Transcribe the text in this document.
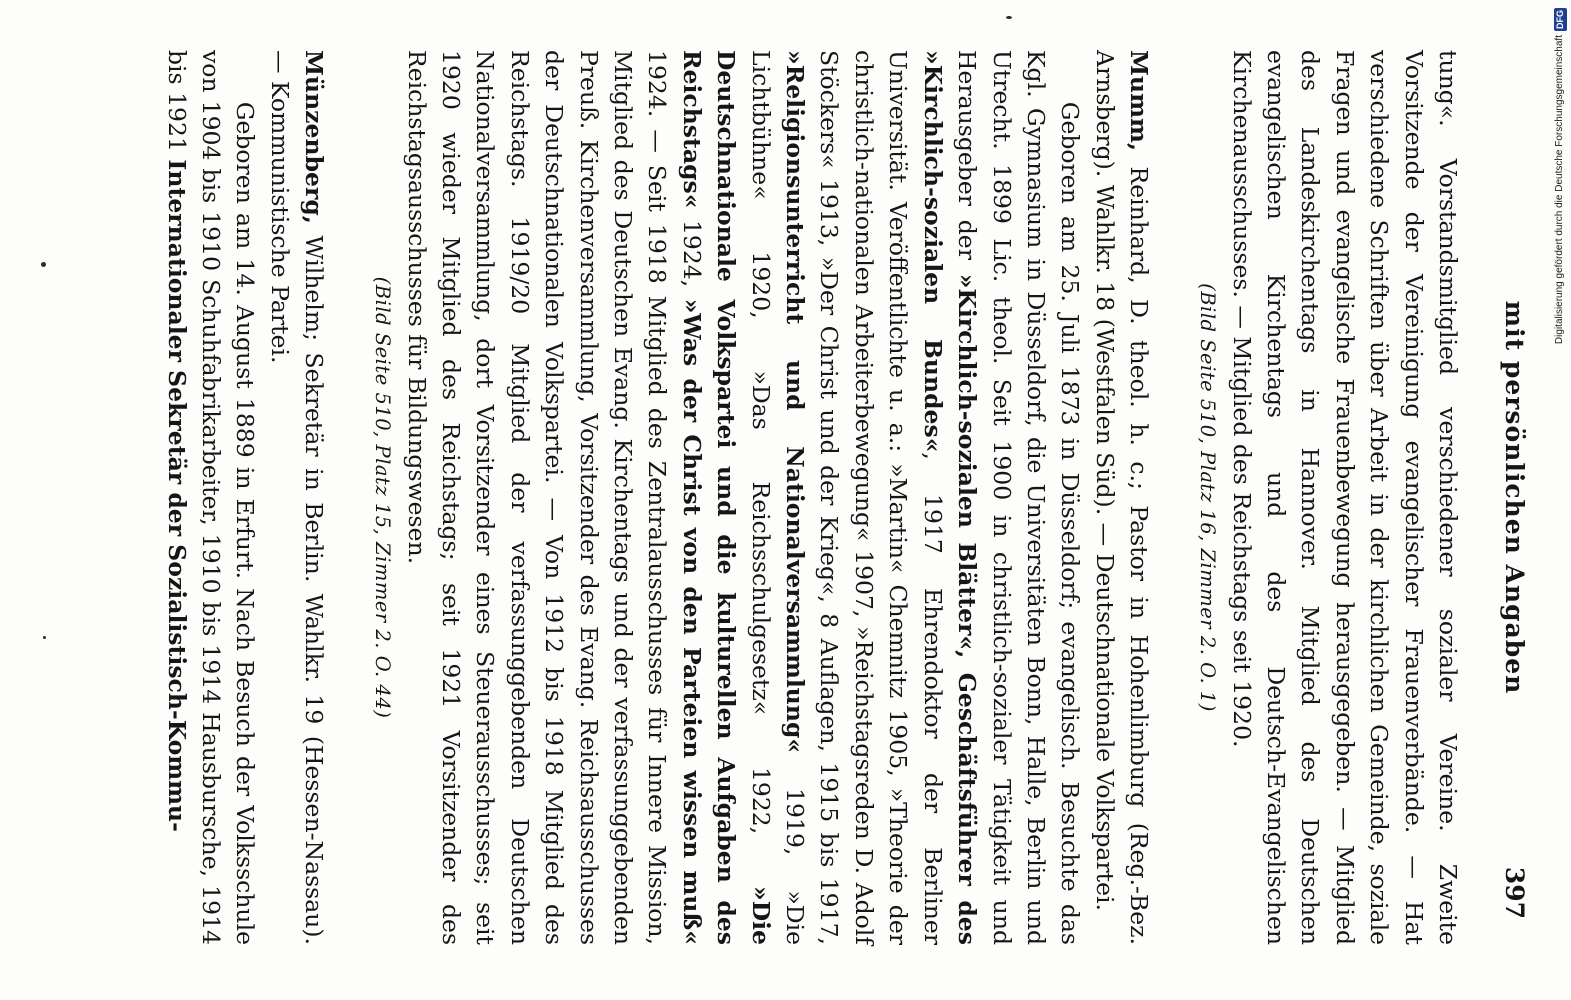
mit persönlichen Angaben
397

tung«. Vorstandsmitglied verschiedener sozialer Vereine. Zweite Vorsitzende der Vereinigung evangelischer Frauenverbände. — Hat verschiedene Schriften über Arbeit in der kirchlichen Gemeinde, soziale Fragen und evangelische Frauenbewegung herausgegeben. — Mitglied des Landeskirchentags in Hannover. Mitglied des Deutschen evangelischen Kirchentags und des Deutsch-Evangelischen Kirchenausschusses. — Mitglied des Reichstags seit 1920.

(Bild Seite 510, Platz 16, Zimmer 2. O. 1)

Mumm, Reinhard, D. theol. h. c.; Pastor in Hohenlimburg (Reg.-Bez. Arnsberg). Wahlkr. 18 (Westfalen Süd). — Deutschnationale Volkspartei.

Geboren am 25. Juli 1873 in Düsseldorf; evangelisch. Besuchte das Kgl. Gymnasium in Düsseldorf, die Universitäten Bonn, Halle, Berlin und Utrecht. 1899 Lic. theol. Seit 1900 in christlich-sozialer Tätigkeit und Herausgeber der »Kirchlich-sozialen Blätter«, Geschäftsführer des »Kirchlich-sozialen Bundes«, 1917 Ehrendoktor der Berliner Universität. Veröffentlichte u. a.: »Martin« Chemnitz 1905, »Theorie der christlich-nationalen Arbeiterbewegung« 1907, »Reichstagsreden D. Adolf Stöckers« 1913, »Der Christ und der Krieg«, 8 Auflagen, 1915 bis 1917, »Religionsunterricht und Nationalversammlung« 1919, »Die Lichtbühne« 1920, »Das Reichsschulgesetz« 1922, »Die Deutschnationale Volkspartei und die kulturellen Aufgaben des Reichstags« 1924, »Was der Christ von den Parteien wissen muß« 1924. — Seit 1918 Mitglied des Zentralausschusses für Innere Mission, Mitglied des Deutschen Evang. Kirchentags und der verfassunggebenden Preuß. Kirchenversammlung, Vorsitzender des Evang. Reichsausschusses der Deutschnationalen Volkspartei. — Von 1912 bis 1918 Mitglied des Reichstags. 1919/20 Mitglied der verfassunggebenden Deutschen Nationalversammlung, dort Vorsitzender eines Steuerausschusses; seit 1920 wieder Mitglied des Reichstags; seit 1921 Vorsitzender des Reichstagsausschusses für Bildungswesen.

(Bild Seite 510, Platz 15, Zimmer 2. O. 44)

Münzenberg, Wilhelm; Sekretär in Berlin. Wahlkr. 19 (Hessen-Nassau). — Kommunistische Partei.

Geboren am 14. August 1889 in Erfurt. Nach Besuch der Volksschule von 1904 bis 1910 Schuhfabrikarbeiter, 1910 bis 1914 Hausbursche, 1914 bis 1921 Internationaler Sekretär der Sozialistisch-Kommu-	Digitalisierung gefördert durch die Deutsche Forschungsgemeinschaft
DFG
